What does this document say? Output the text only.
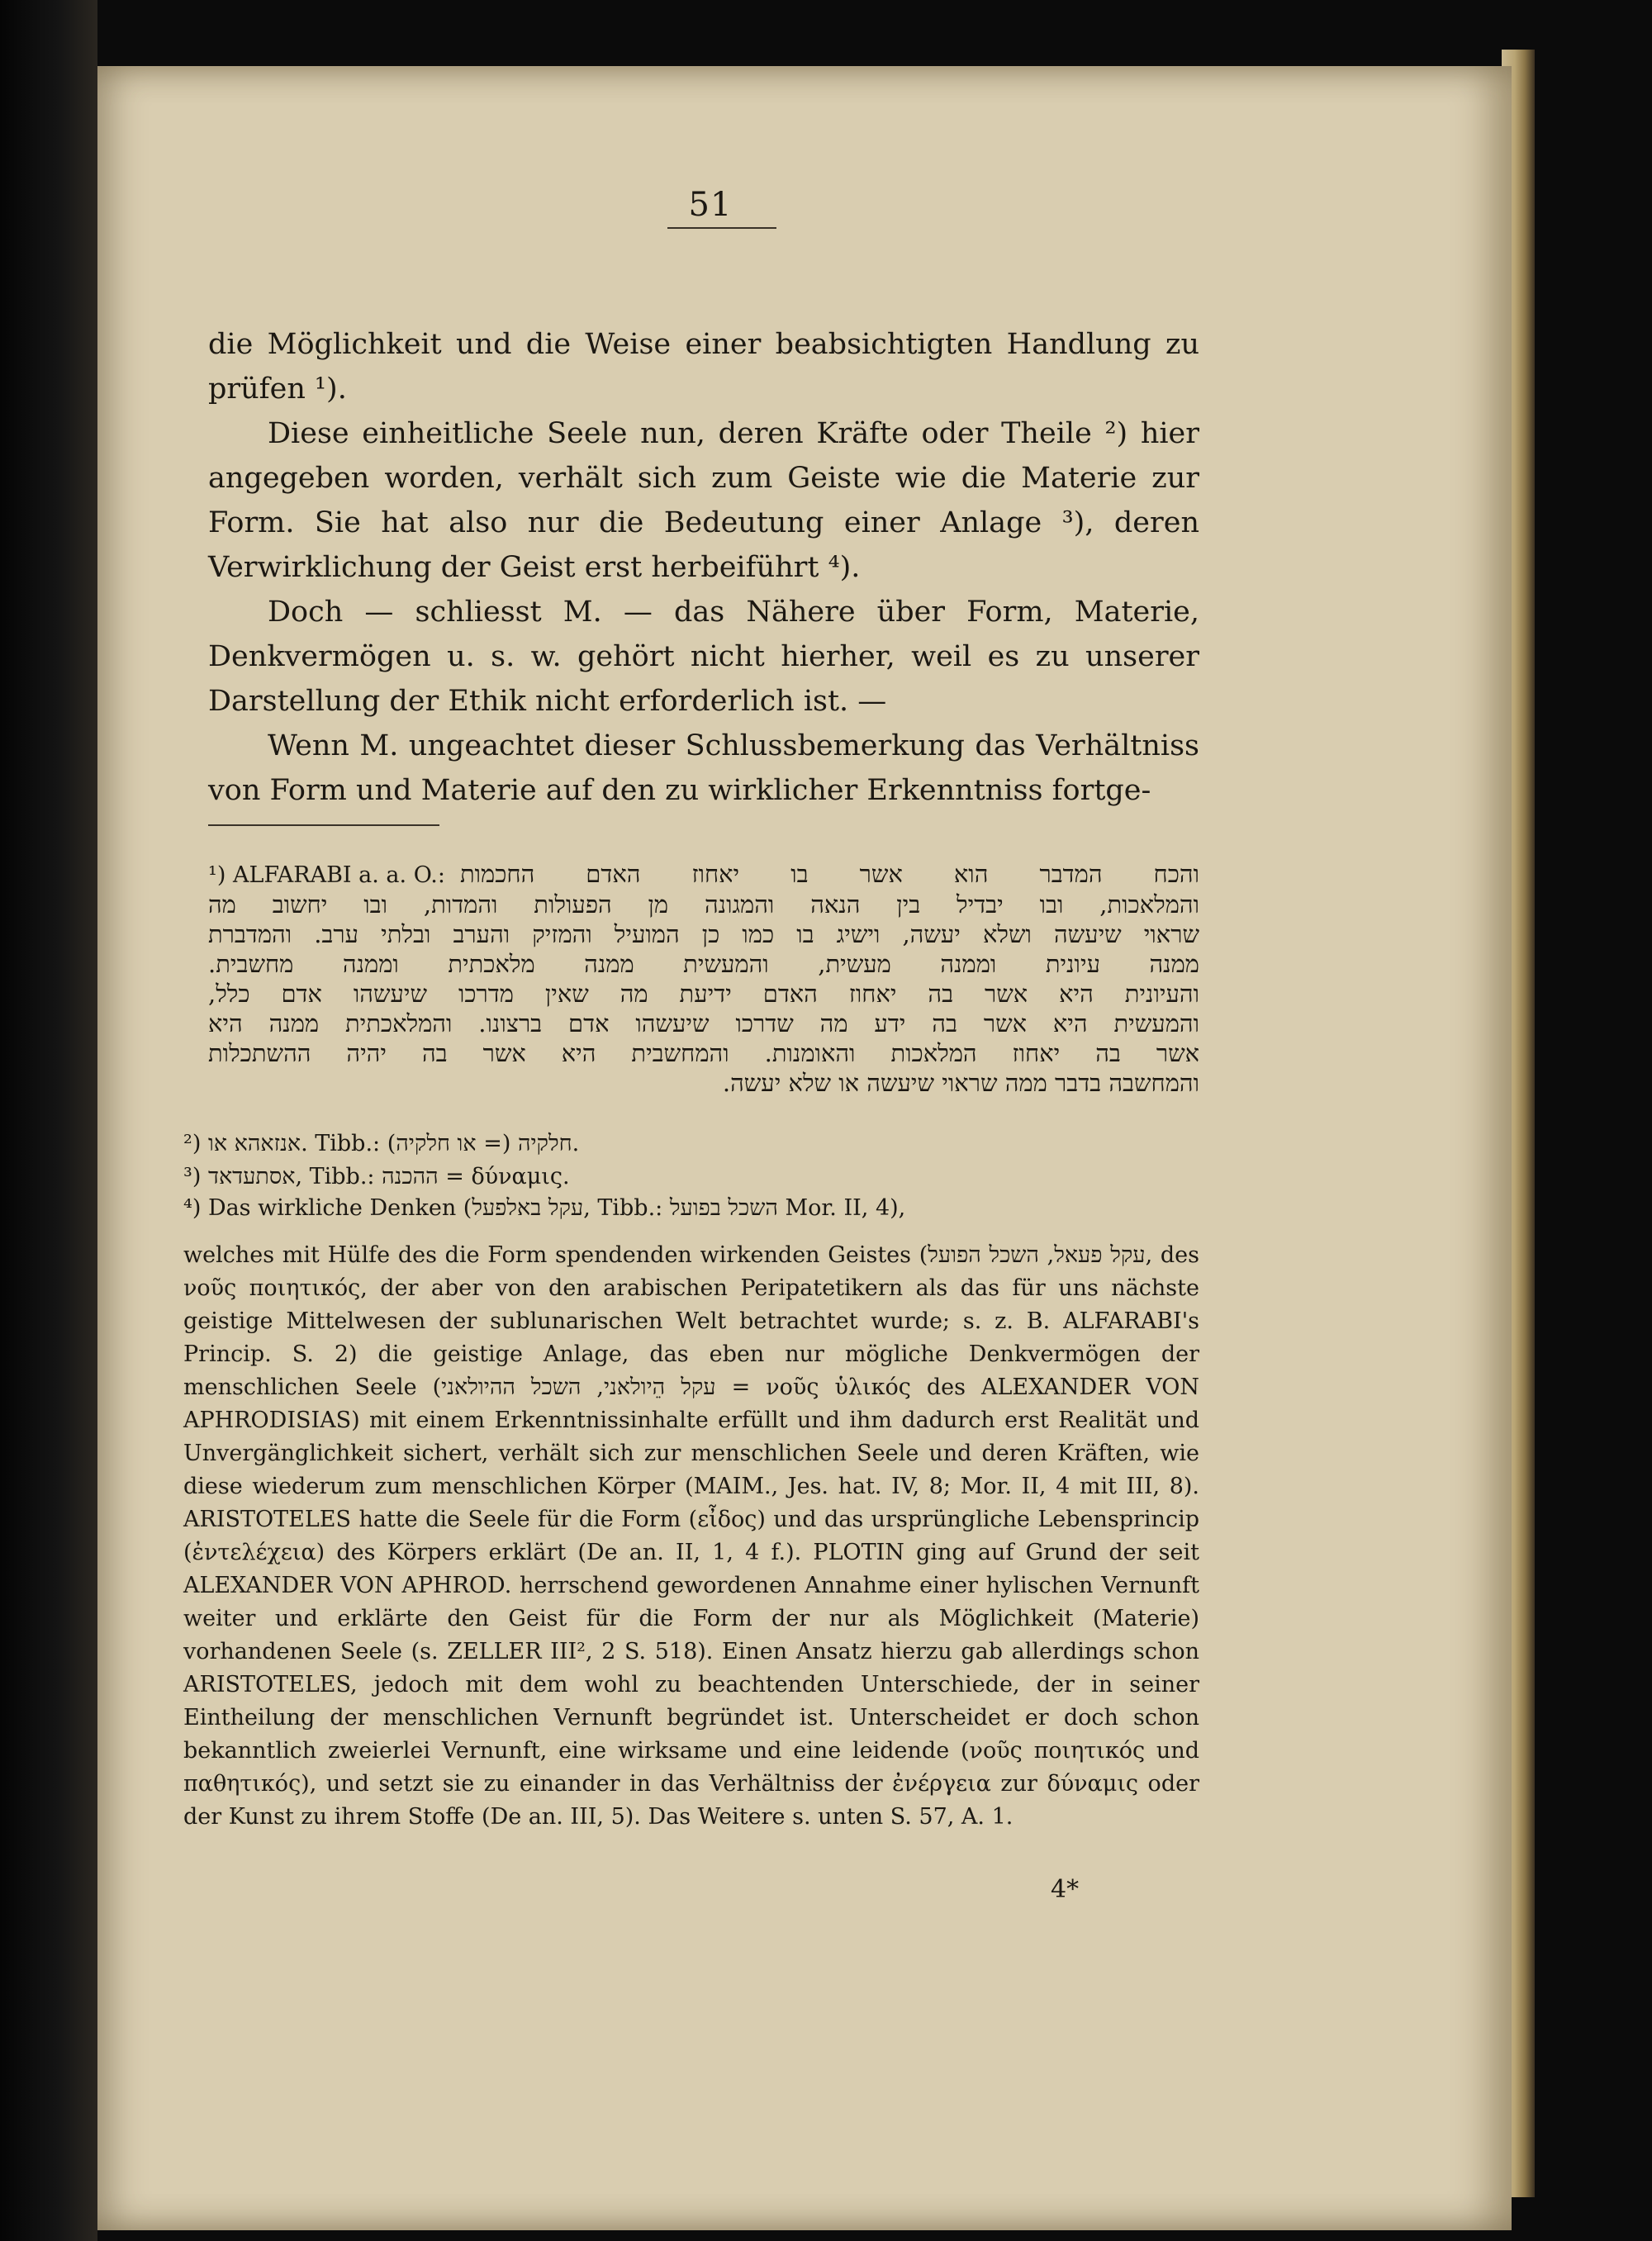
51

die Möglichkeit und die Weise einer beabsichtigten Handlung zu prüfen ¹).

Diese einheitliche Seele nun, deren Kräfte oder Theile ²) hier angegeben worden, verhält sich zum Geiste wie die Materie zur Form. Sie hat also nur die Bedeutung einer Anlage ³), deren Verwirklichung der Geist erst herbeiführt ⁴).

Doch — schliesst M. — das Nähere über Form, Materie, Denkvermögen u. s. w. gehört nicht hierher, weil es zu unserer Darstellung der Ethik nicht erforderlich ist. —

Wenn M. ungeachtet dieser Schlussbemerkung das Verhältniss von Form und Materie auf den zu wirklicher Erkenntniss fortge-

¹) ALFARABI a. a. O.: והכח המדבר הוא אשר בו יאחוז האדם החכמות
והמלאכות, ובו יבדיל בין הנאה והמגונה מן הפעולות והמדות, ובו יחשוב מה
שראוי שיעשה ושלא יעשה, וישיג בו כמו כן המועיל והמזיק והערב ובלתי ערב. והמדברת
ממנה עיונית וממנה מעשית, והמעשית ממנה מלאכתית וממנה מחשבית.
והעיונית היא אשר בה יאחוז האדם ידיעת מה שאין מדרכו שיעשהו אדם כלל,
והמעשית היא אשר בה ידע מה שדרכו שיעשהו אדם ברצונו. והמלאכתית ממנה היא
אשר בה יאחוז המלאכות והאומנות. והמחשבית היא אשר בה יהיה ההשתכלות
והמחשבה בדבר ממה שראוי שיעשה או שלא יעשה.
²) אנזאהא או. Tibb.: חלקיה (= או חלקיה).
³) אסתעדאד, Tibb.: ההכנה = δύναμις.
⁴) Das wirkliche Denken (עקל באלפעל, Tibb.: השכל בפועל Mor. II, 4),
welches mit Hülfe des die Form spendenden wirkenden Geistes (עקל פעאל, השכל הפועל, des νοῦς ποιητικός, der aber von den arabischen Peripatetikern als das für uns nächste geistige Mittelwesen der sublunarischen Welt betrachtet wurde; s. z. B. ALFARABI's Princip. S. 2) die geistige Anlage, das eben nur mögliche Denkvermögen der menschlichen Seele (עקל הֵיולאני, השכל ההיולאני = νοῦς ὑλικός des ALEXANDER VON APHRODISIAS) mit einem Erkenntnissinhalte erfüllt und ihm dadurch erst Realität und Unvergänglichkeit sichert, verhält sich zur menschlichen Seele und deren Kräften, wie diese wiederum zum menschlichen Körper (MAIM., Jes. hat. IV, 8; Mor. II, 4 mit III, 8). ARISTOTELES hatte die Seele für die Form (εἶδος) und das ursprüngliche Lebensprincip (ἐντελέχεια) des Körpers erklärt (De an. II, 1, 4 f.). PLOTIN ging auf Grund der seit ALEXANDER VON APHROD. herrschend gewordenen Annahme einer hylischen Vernunft weiter und erklärte den Geist für die Form der nur als Möglichkeit (Materie) vorhandenen Seele (s. ZELLER III², 2 S. 518). Einen Ansatz hierzu gab allerdings schon ARISTOTELES, jedoch mit dem wohl zu beachtenden Unterschiede, der in seiner Eintheilung der menschlichen Vernunft begründet ist. Unterscheidet er doch schon bekanntlich zweierlei Vernunft, eine wirksame und eine leidende (νοῦς ποιητικός und παθητικός), und setzt sie zu einander in das Verhältniss der ἐνέργεια zur δύναμις oder der Kunst zu ihrem Stoffe (De an. III, 5). Das Weitere s. unten S. 57, A. 1.
4*
